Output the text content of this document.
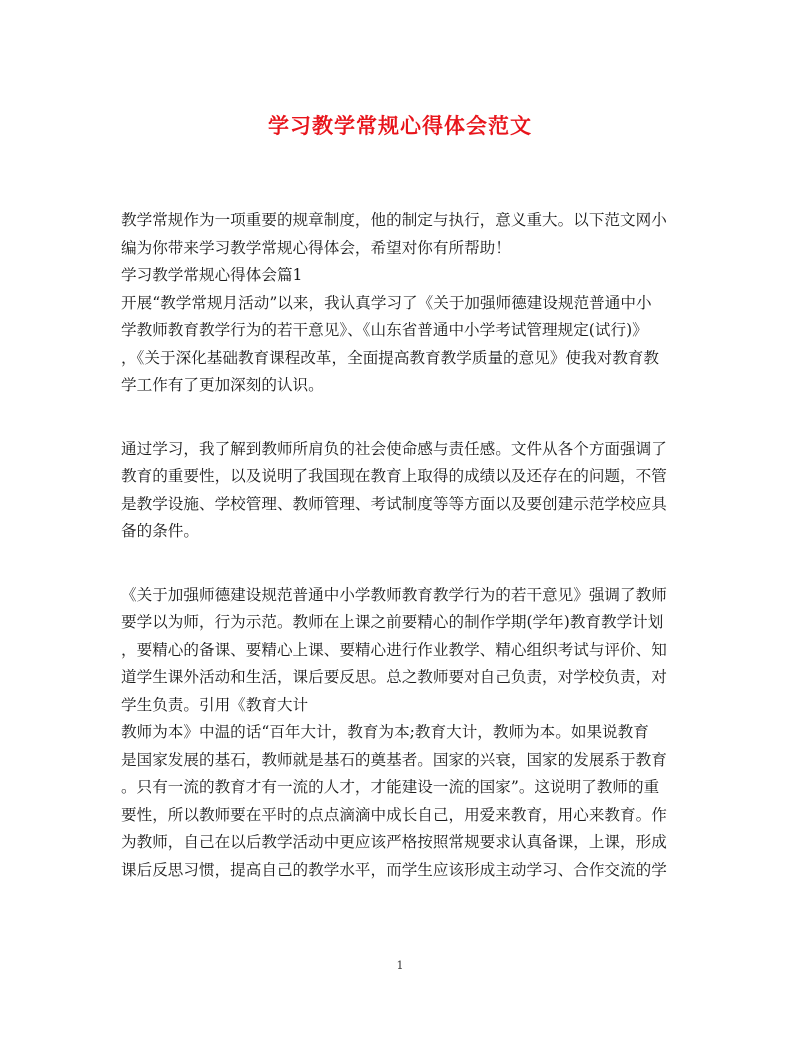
学习教学常规心得体会范文
教学常规作为一项重要的规章制度，他的制定与执行，意义重大。以下范文网小
编为你带来学习教学常规心得体会，希望对你有所帮助！
学习教学常规心得体会篇1
开展“教学常规月活动”以来，我认真学习了《关于加强师德建设规范普通中小
学教师教育教学行为的若干意见》、《山东省普通中小学考试管理规定(试行)》
，《关于深化基础教育课程改革，全面提高教育教学质量的意见》使我对教育教
学工作有了更加深刻的认识。
通过学习，我了解到教师所肩负的社会使命感与责任感。文件从各个方面强调了
教育的重要性，以及说明了我国现在教育上取得的成绩以及还存在的问题，不管
是教学设施、学校管理、教师管理、考试制度等等方面以及要创建示范学校应具
备的条件。
《关于加强师德建设规范普通中小学教师教育教学行为的若干意见》强调了教师
要学以为师，行为示范。教师在上课之前要精心的制作学期(学年)教育教学计划
，要精心的备课、要精心上课、要精心进行作业教学、精心组织考试与评价、知
道学生课外活动和生活，课后要反思。总之教师要对自己负责，对学校负责，对
学生负责。引用《教育大计
教师为本》中温的话“百年大计，教育为本;教育大计，教师为本。如果说教育
是国家发展的基石，教师就是基石的奠基者。国家的兴衰，国家的发展系于教育
。只有一流的教育才有一流的人才，才能建设一流的国家”。这说明了教师的重
要性，所以教师要在平时的点点滴滴中成长自己，用爱来教育，用心来教育。作
为教师，自己在以后教学活动中更应该严格按照常规要求认真备课，上课，形成
课后反思习惯，提高自己的教学水平，而学生应该形成主动学习、合作交流的学
1
